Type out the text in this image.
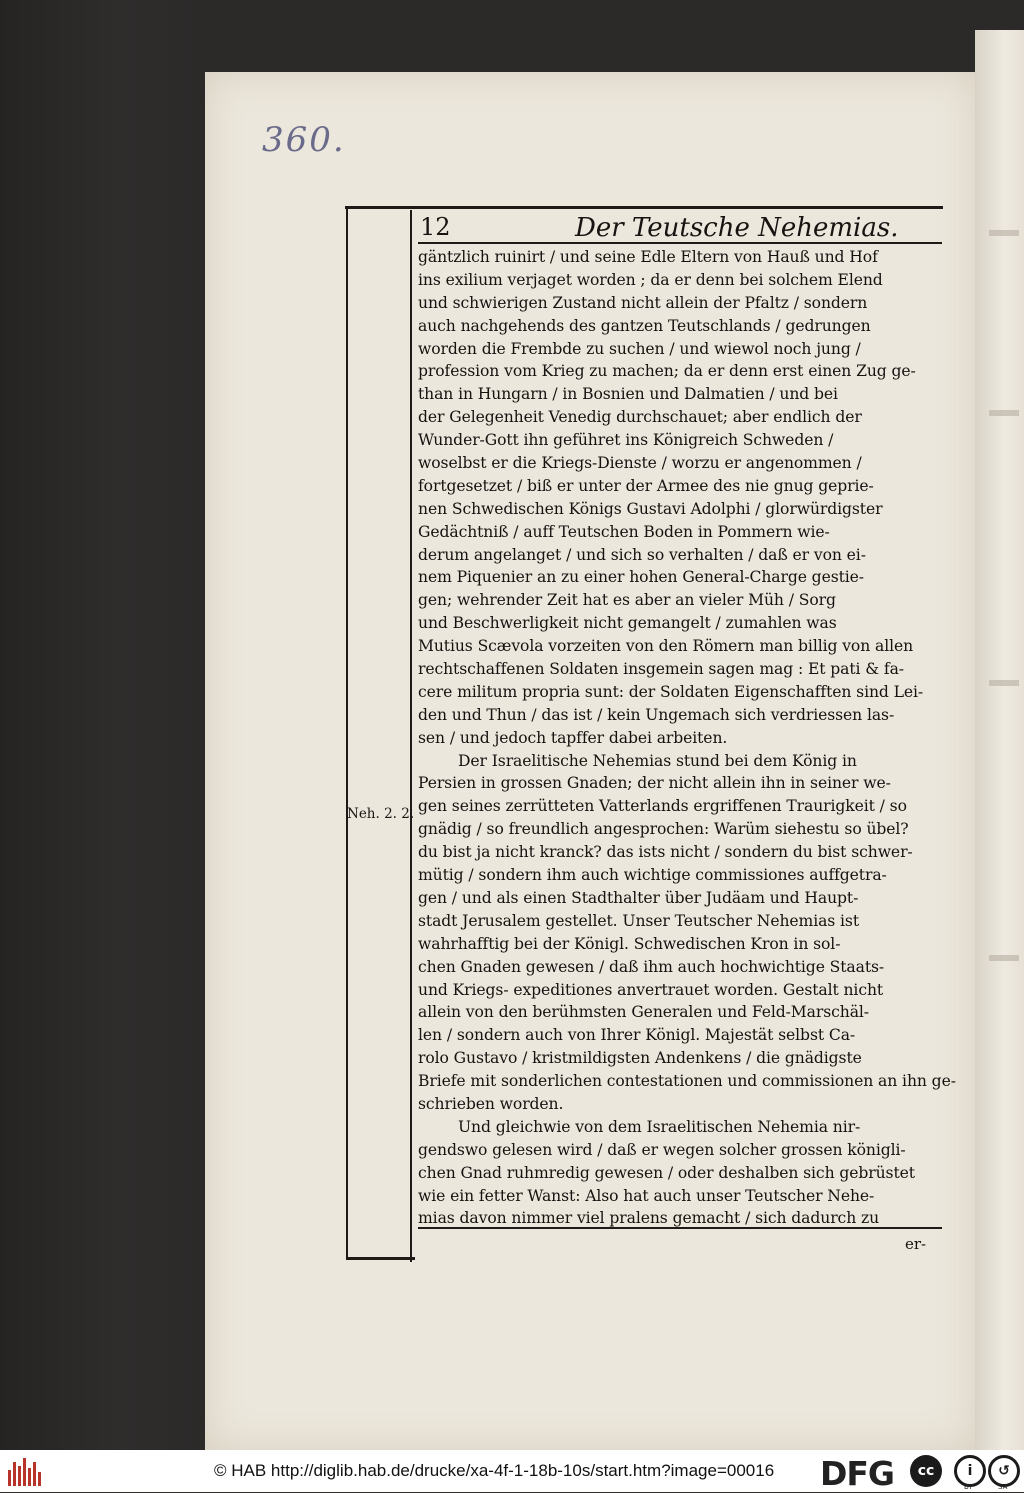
360.
12	Der Teutsche Nehemias.
Neh. 2. 2.
gäntzlich ruinirt / und seine Edle Eltern von Hauß und Hof
ins exilium verjaget worden ; da er denn bei solchem Elend
und schwierigen Zustand nicht allein der Pfaltz / sondern
auch nachgehends des gantzen Teutschlands / gedrungen
worden die Frembde zu suchen / und wiewol noch jung /
profession vom Krieg zu machen; da er denn erst einen Zug ge-
than in Hungarn / in Bosnien und Dalmatien / und bei
der Gelegenheit Venedig durchschauet; aber endlich der
Wunder-Gott ihn geführet ins Königreich Schweden /
woselbst er die Kriegs-Dienste / worzu er angenommen /
fortgesetzet / biß er unter der Armee des nie gnug geprie-
nen Schwedischen Königs Gustavi Adolphi / glorwürdigster
Gedächtniß / auff Teutschen Boden in Pommern wie-
derum angelanget / und sich so verhalten / daß er von ei-
nem Piquenier an zu einer hohen General-Charge gestie-
gen; wehrender Zeit hat es aber an vieler Müh / Sorg
und Beschwerligkeit nicht gemangelt / zumahlen was
Mutius Scævola vorzeiten von den Römern man billig von allen
rechtschaffenen Soldaten insgemein sagen mag : Et pati & fa-
cere militum propria sunt: der Soldaten Eigenschafften sind Lei-
den und Thun / das ist / kein Ungemach sich verdriessen las-
sen / und jedoch tapffer dabei arbeiten.
Der Israelitische Nehemias stund bei dem König in
Persien in grossen Gnaden; der nicht allein ihn in seiner we-
gen seines zerrütteten Vatterlands ergriffenen Traurigkeit / so
gnädig / so freundlich angesprochen: Warüm siehestu so übel?
du bist ja nicht kranck? das ists nicht / sondern du bist schwer-
mütig / sondern ihm auch wichtige commissiones auffgetra-
gen / und als einen Stadthalter über Judäam und Haupt-
stadt Jerusalem gestellet. Unser Teutscher Nehemias ist
wahrhafftig bei der Königl. Schwedischen Kron in sol-
chen Gnaden gewesen / daß ihm auch hochwichtige Staats-
und Kriegs- expeditiones anvertrauet worden. Gestalt nicht
allein von den berühmsten Generalen und Feld-Marschäl-
len / sondern auch von Ihrer Königl. Majestät selbst Ca-
rolo Gustavo / kristmildigsten Andenkens / die gnädigste
Briefe mit sonderlichen contestationen und commissionen an ihn ge-
schrieben worden.
Und gleichwie von dem Israelitischen Nehemia nir-
gendswo gelesen wird / daß er wegen solcher grossen königli-
chen Gnad ruhmredig gewesen / oder deshalben sich gebrüstet
wie ein fetter Wanst: Also hat auch unser Teutscher Nehe-
mias davon nimmer viel pralens gemacht / sich dadurch zu
er-
© HAB http://diglib.hab.de/drucke/xa-4f-1-18b-10s/start.htm?image=00016 DFG	cc	i
BY
↺
SA
